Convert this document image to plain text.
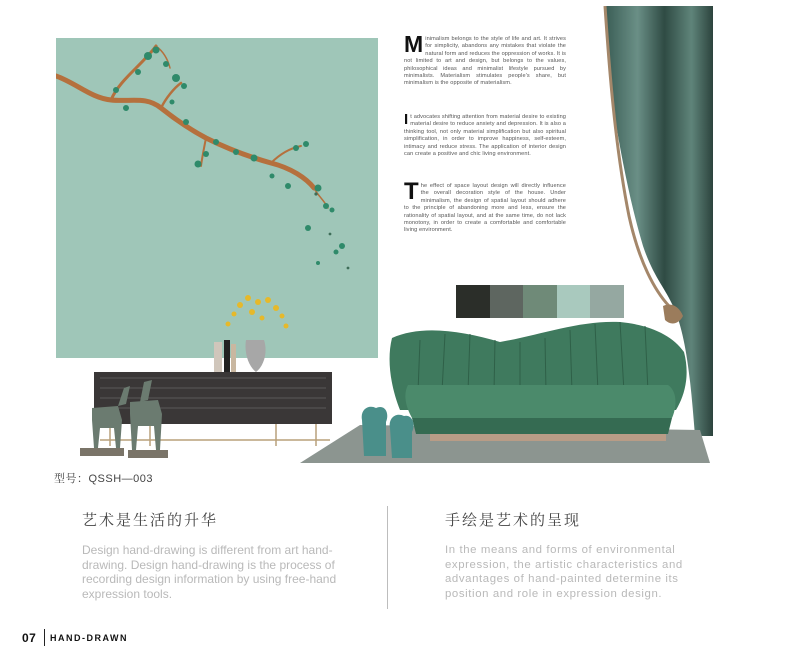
Minimalism belongs to the style of life and art. It strives for simplicity, abandons any mistakes that violate the natural form and reduces the oppression of works. It is not limited to art and design, but belongs to the values, philosophical ideas and minimalist lifestyle pursued by minimalists. Materialism stimulates people's share, but minimalism is the opposite of materialism.
It advocates shifting attention from material desire to existing material desire to reduce anxiety and depression. It is also a thinking tool, not only material simplification but also spiritual simplification, in order to improve happiness, self-esteem, intimacy and reduce stress. The application of interior design can create a positive and chic living environment.
The effect of space layout design will directly influence the overall decoration style of the house. Under minimalism, the design of spatial layout should adhere to the principle of abandoning more and less, ensure the rationality of spatial layout, and at the same time, do not lack monotony, in order to create a comfortable and comfortable living environment.
型号：QSSH—003
艺术是生活的升华
Design hand-drawing is different from art hand-drawing. Design hand-drawing is the process of recording design information by using free-hand expression tools.
手绘是艺术的呈现
In the means and forms of environmental expression, the artistic characteristics and advantages of hand-painted determine its position and role in expression design.
07 HAND-DRAWN
